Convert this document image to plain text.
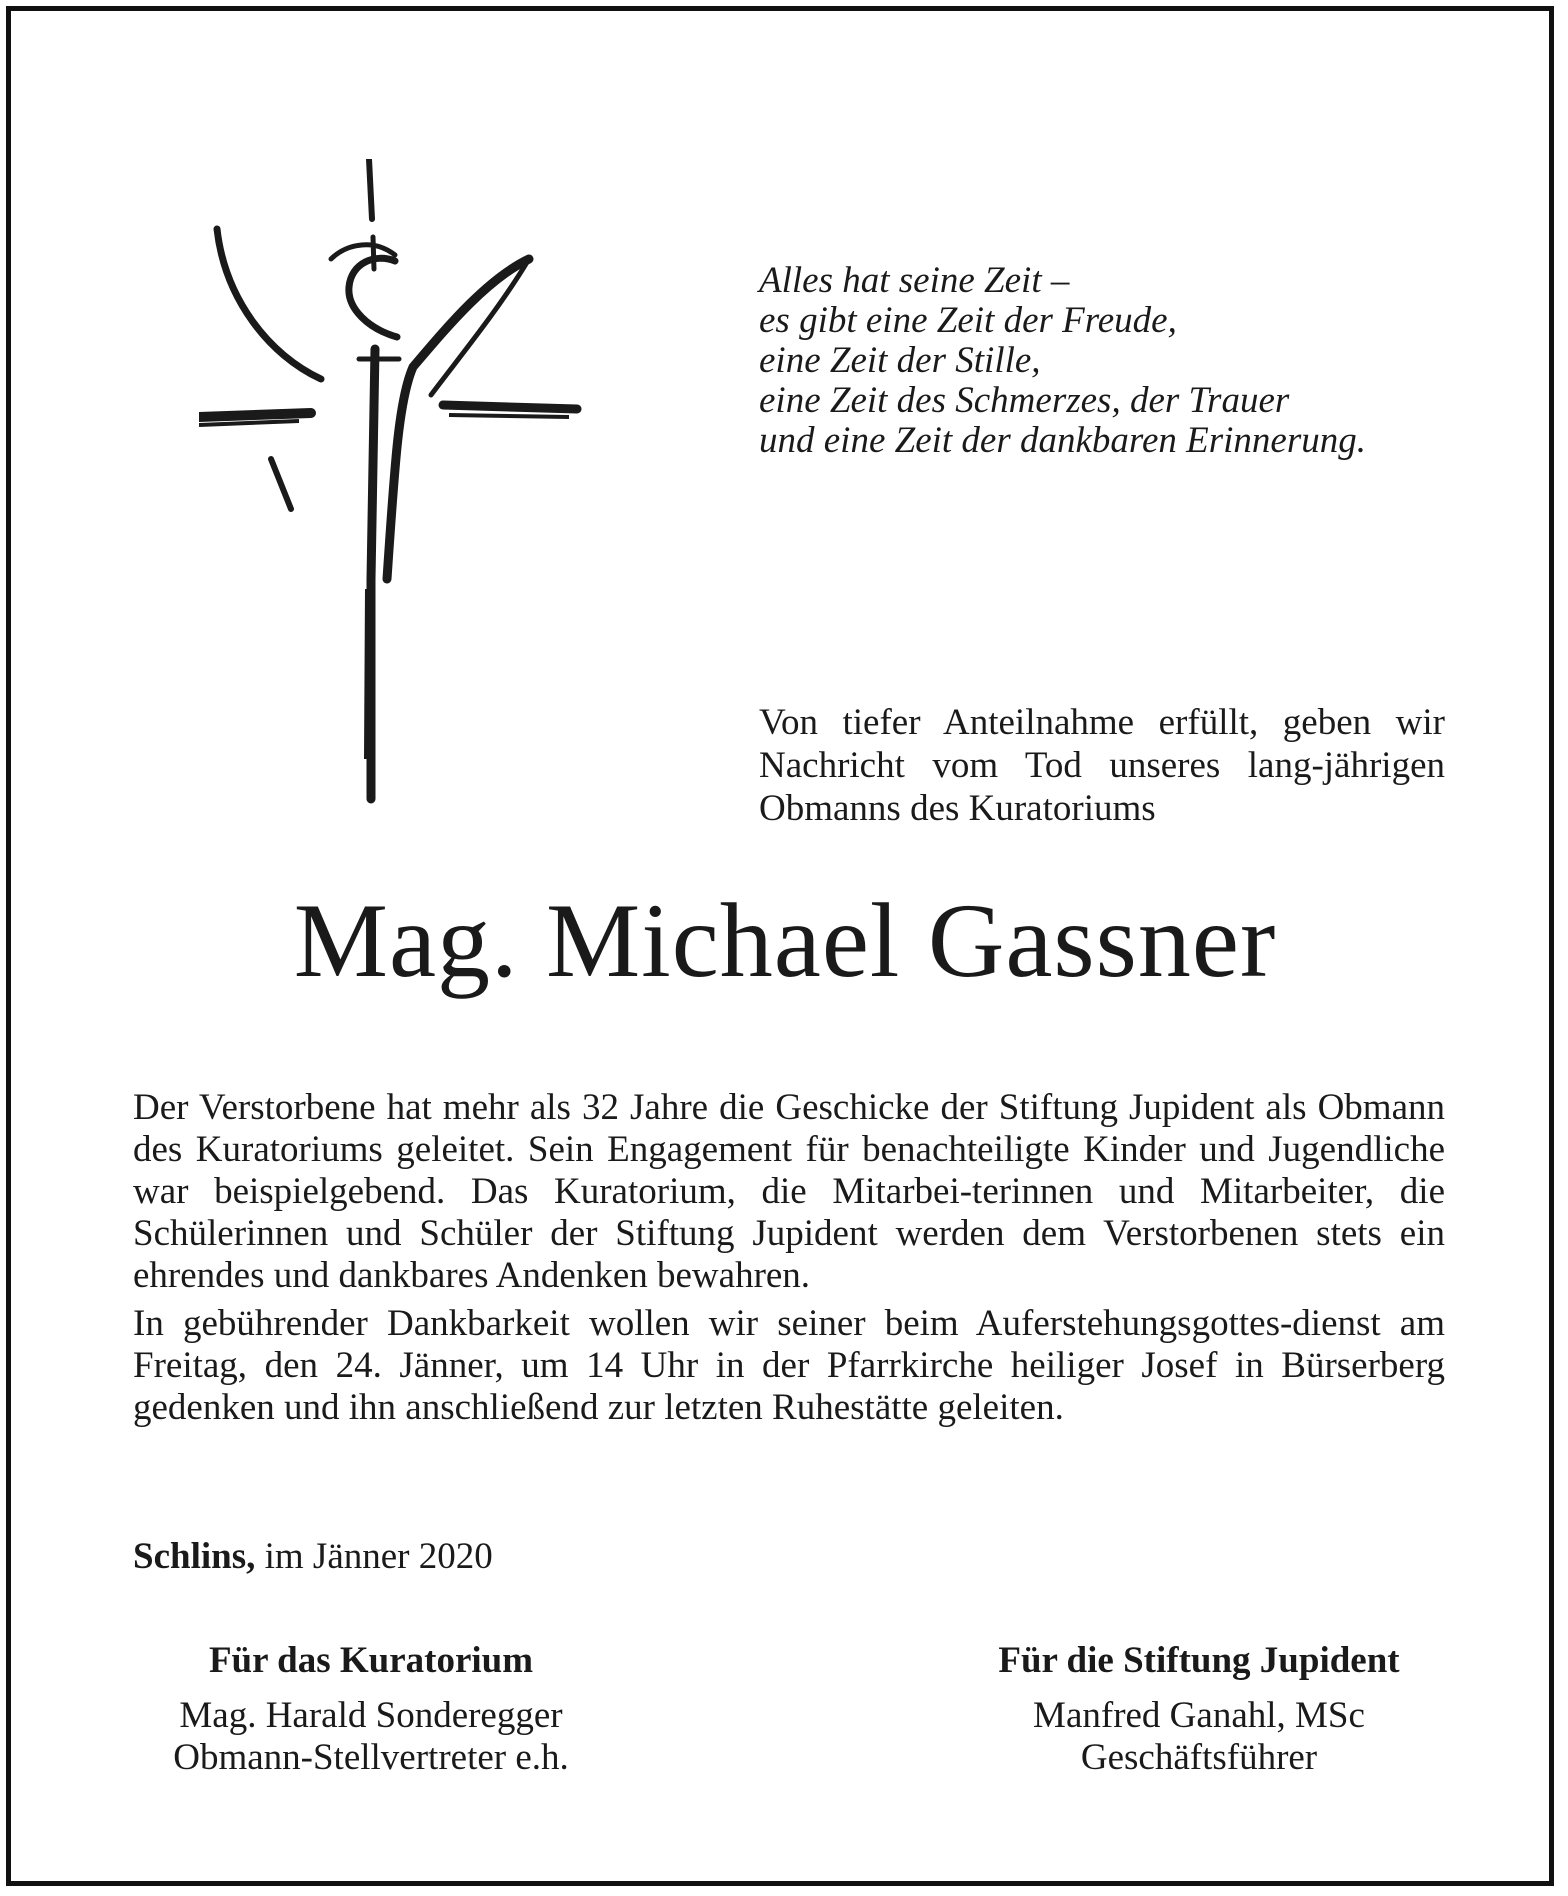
Alles hat seine Zeit –
es gibt eine Zeit der Freude,
eine Zeit der Stille,
eine Zeit des Schmerzes, der Trauer
und eine Zeit der dankbaren Erinnerung.
Von tiefer Anteilnahme erfüllt, geben wir Nachricht vom Tod unseres lang-jährigen Obmanns des Kuratoriums
Mag. Michael Gassner

Der Verstorbene hat mehr als 32 Jahre die Geschicke der Stiftung Jupident als Obmann des Kuratoriums geleitet. Sein Engagement für benachteiligte Kinder und Jugendliche war beispielgebend. Das Kuratorium, die Mitarbei-terinnen und Mitarbeiter, die Schülerinnen und Schüler der Stiftung Jupident werden dem Verstorbenen stets ein ehrendes und dankbares Andenken bewahren.

In gebührender Dankbarkeit wollen wir seiner beim Auferstehungsgottes-dienst am Freitag, den 24. Jänner, um 14 Uhr in der Pfarrkirche heiliger Josef in Bürserberg gedenken und ihn anschließend zur letzten Ruhestätte geleiten.

Schlins, im Jänner 2020
Für das Kuratorium
Mag. Harald Sonderegger
Obmann-Stellvertreter e.h.
Für die Stiftung Jupident
Manfred Ganahl, MSc
Geschäftsführer
